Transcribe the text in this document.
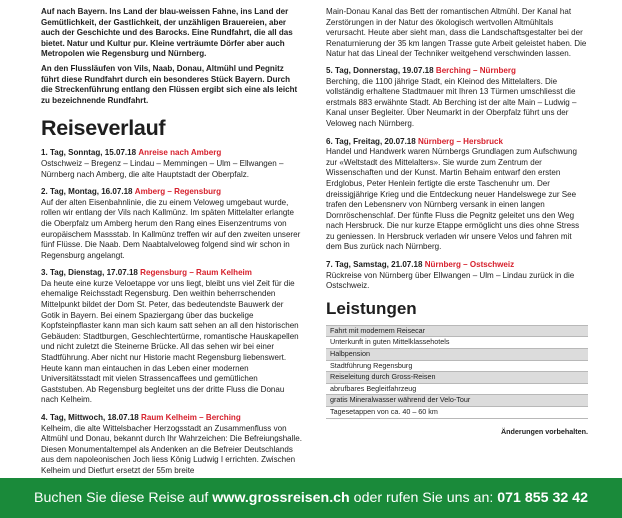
Auf nach Bayern. Ins Land der blau-weissen Fahne, ins Land der Gemütlichkeit, der Gastlichkeit, der unzähligen Brauereien, aber auch der Geschichte und des Barocks. Eine Rundfahrt, die all das bietet. Natur und Kultur pur. Kleine verträumte Dörfer aber auch Metropolen wie Regensburg und Nürnberg.

An den Flussläufen von Vils, Naab, Donau, Altmühl und Pegnitz führt diese Rundfahrt durch ein besonderes Stück Bayern. Durch die Streckenführung entlang den Flüssen ergibt sich eine als leicht zu bezeichnende Rundfahrt.

Reiseverlauf

1. Tag, Sonntag, 15.07.18 Anreise nach Amberg

Ostschweiz – Bregenz – Lindau – Memmingen – Ulm – Ellwangen – Nürnberg nach Amberg, die alte Hauptstadt der Oberpfalz.

2. Tag, Montag, 16.07.18 Amberg – Regensburg

Auf der alten Eisenbahnlinie, die zu einem Veloweg umgebaut wurde, rollen wir entlang der Vils nach Kallmünz. Im späten Mittelalter erlangte die Oberpfalz um Amberg herum den Rang eines Eisenzentrums von europäischem Massstab. In Kallmünz treffen wir auf den zweiten unserer fünf Flüsse. Die Naab. Dem Naabtalveloweg folgend sind wir schon in Regensburg angelangt.

3. Tag, Dienstag, 17.07.18 Regensburg – Raum Kelheim

Da heute eine kurze Veloetappe vor uns liegt, bleibt uns viel Zeit für die ehemalige Reichsstadt Regensburg. Den weithin beherrschenden Mittelpunkt bildet der Dom St. Peter, das bedeutendste Bauwerk der Gotik in Bayern. Bei einem Spaziergang über das buckelige Kopfsteinpflaster kann man sich kaum satt sehen an all den historischen Gebäuden: Stadtburgen, Geschlechtertürme, romantische Hauskapellen und nicht zuletzt die Steinerne Brücke. All das sehen wir bei einer Stadtführung. Aber nicht nur Historie macht Regensburg liebenswert. Heute kann man eintauchen in das Leben einer modernen Universitätsstadt mit vielen Strassencaffees und gemütlichen Gaststuben. Ab Regensburg begleitet uns der dritte Fluss die Donau nach Kelheim.

4. Tag, Mittwoch, 18.07.18 Raum Kelheim – Berching

Kelheim, die alte Wittelsbacher Herzogsstadt an Zusammenfluss von Altmühl und Donau, bekannt durch Ihr Wahrzeichen: Die Befreiungshalle. Diesen Monumentaltempel als Andenken an die Befreier Deutschlands aus dem napoleonischen Joch liess König Ludwig I errichten. Zwischen Kelheim und Dietfurt ersetzt der 55m breite

Main-Donau Kanal das Bett der romantischen Altmühl. Der Kanal hat Zerstörungen in der Natur des ökologisch wertvollen Altmühltals verursacht. Heute aber sieht man, dass die Landschaftsgestalter bei der Renaturnierung der 35 km langen Trasse gute Arbeit geleistet haben. Die Natur hat das Lineal der Techniker weitgehend verschwinden lassen.

5. Tag, Donnerstag, 19.07.18 Berching – Nürnberg

Berching, die 1100 jährige Stadt, ein Kleinod des Mittelalters. Die vollständig erhaltene Stadtmauer mit Ihren 13 Türmen umschliesst die erstmals 883 erwähnte Stadt. Ab Berching ist der alte Main – Ludwig – Kanal unser Begleiter. Über Neumarkt in der Oberpfalz führt uns der Veloweg nach Nürnberg.

6. Tag, Freitag, 20.07.18 Nürnberg – Hersbruck

Handel und Handwerk waren Nürnbergs Grundlagen zum Aufschwung zur «Weltstadt des Mittelalters». Sie wurde zum Zentrum der Wissenschaften und der Kunst. Martin Behaim entwarf den ersten Erdglobus, Peter Henlein fertigte die erste Taschenuhr um. Der dreissigjährige Krieg und die Entdeckung neuer Handelswege zur See trafen den Lebensnerv von Nürnberg versank in einen langen Dornröschenschlaf. Der fünfte Fluss die Pegnitz geleitet uns den Weg nach Hersbruck. Die nur kurze Etappe ermöglicht uns dies ohne Stress zu geniessen. In Hersbruck verladen wir unsere Velos und fahren mit dem Bus zurück nach Nürnberg.

7. Tag, Samstag, 21.07.18 Nürnberg – Ostschweiz

Rückreise von Nürnberg über Ellwangen – Ulm – Lindau zurück in die Ostschweiz.

Leistungen
Fahrt mit modernem Reisecar
Unterkunft in guten Mittelklassehotels
Halbpension
Stadtführung Regensburg
Reiseleitung durch Gross-Reisen
abrufbares Begleitfahrzeug
gratis Mineralwasser während der Velo-Tour
Tagesetappen von ca. 40 – 60 km
Änderungen vorbehalten.
Buchen Sie diese Reise auf www.grossreisen.ch oder rufen Sie uns an: 071 855 32 42
